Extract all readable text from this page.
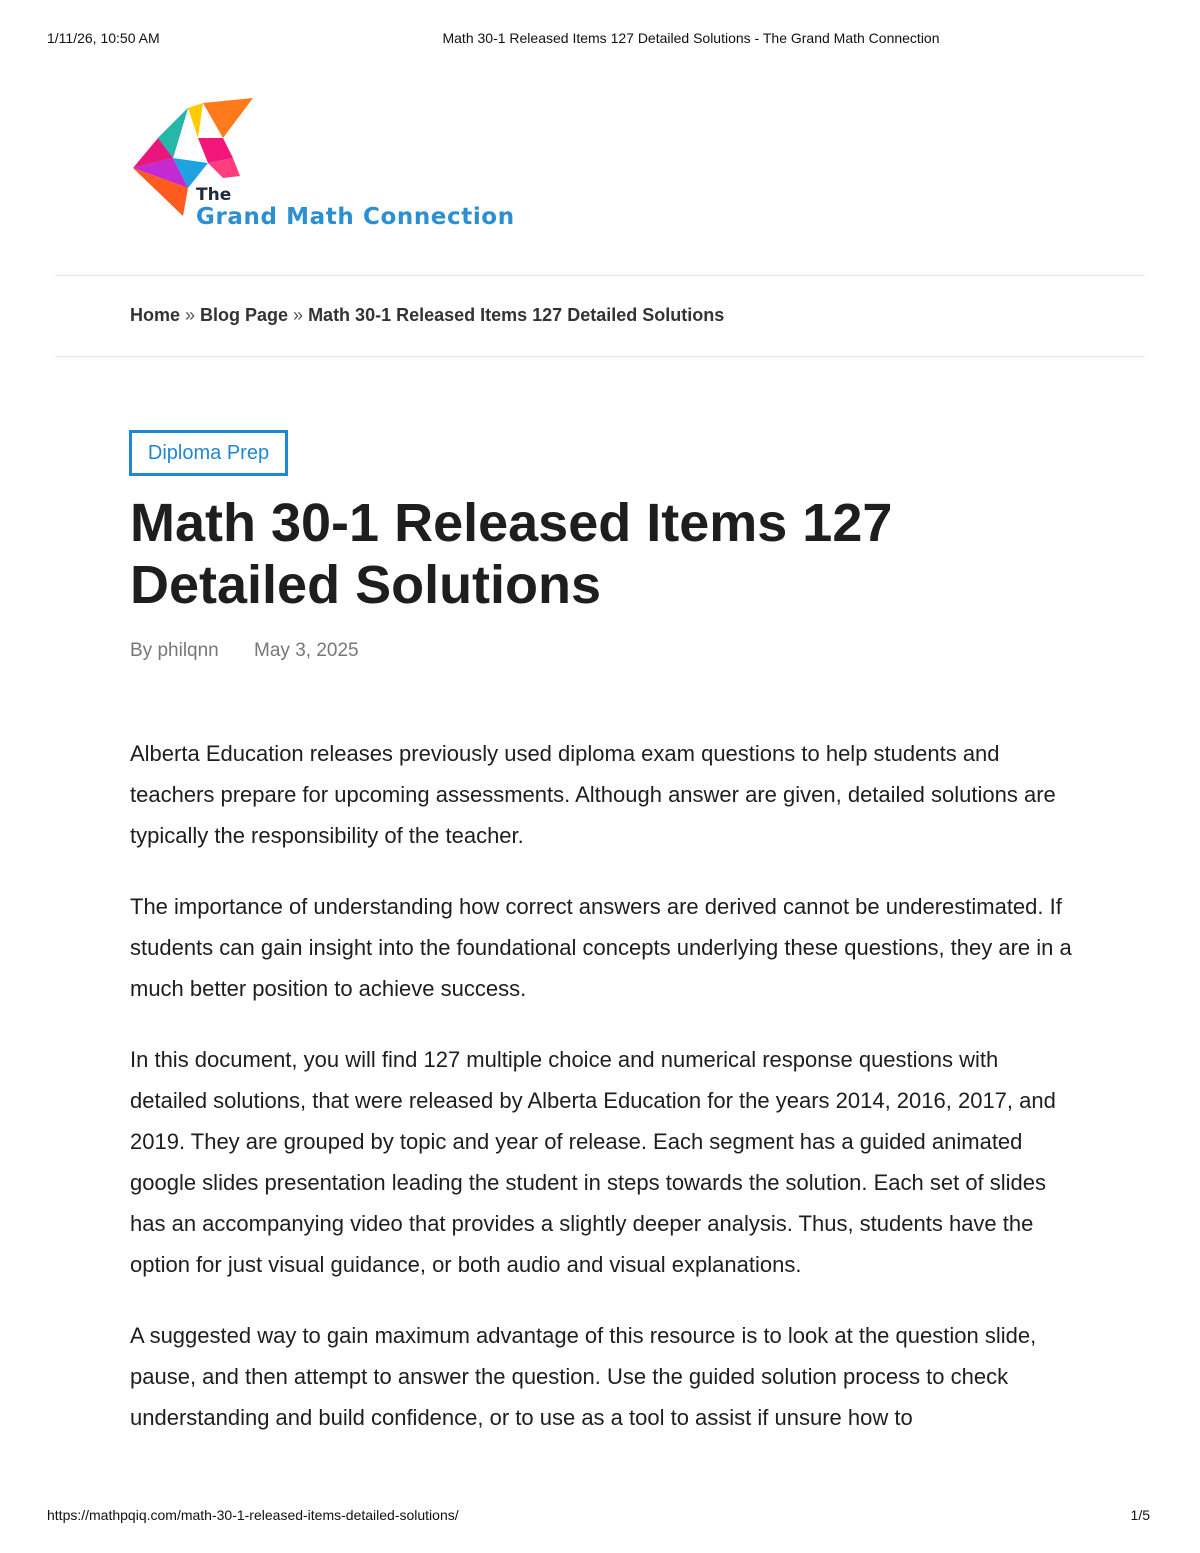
1/11/26, 10:50 AM	Math 30-1 Released Items 127 Detailed Solutions - The Grand Math Connection
The
Grand Math Connection
Home » Blog Page » Math 30-1 Released Items 127 Detailed Solutions
Diploma Prep
Math 30-1 Released Items 127 Detailed Solutions
By philqnn May 3, 2025

Alberta Education releases previously used diploma exam questions to help students and teachers prepare for upcoming assessments. Although answer are given, detailed solutions are typically the responsibility of the teacher.

The importance of understanding how correct answers are derived cannot be underestimated. If students can gain insight into the foundational concepts underlying these questions, they are in a much better position to achieve success.

In this document, you will find 127 multiple choice and numerical response questions with detailed solutions, that were released by Alberta Education for the years 2014, 2016, 2017, and 2019. They are grouped by topic and year of release. Each segment has a guided animated google slides presentation leading the student in steps towards the solution. Each set of slides has an accompanying video that provides a slightly deeper analysis. Thus, students have the option for just visual guidance, or both audio and visual explanations.

A suggested way to gain maximum advantage of this resource is to look at the question slide, pause, and then attempt to answer the question. Use the guided solution process to check understanding and build confidence, or to use as a tool to assist if unsure how to

https://mathpqiq.com/math-30-1-released-items-detailed-solutions/	1/5
